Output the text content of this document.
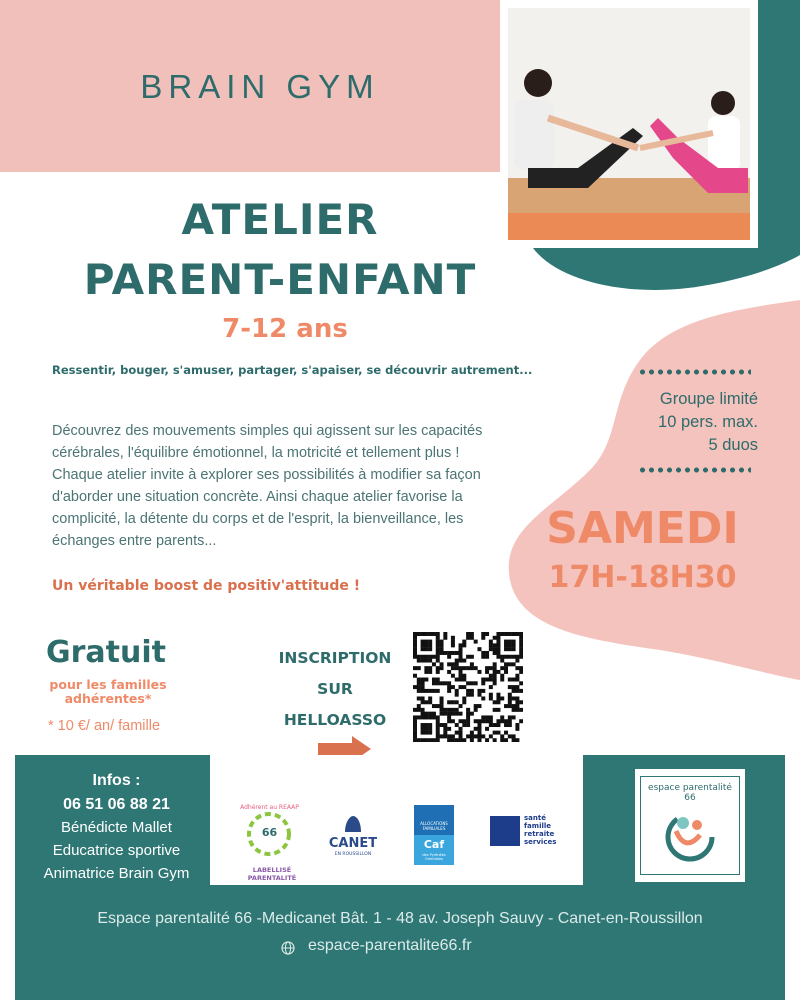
BRAIN GYM
ATELIER
PARENT-ENFANT
7-12 ans
Ressentir, bouger, s'amuser, partager, s'apaiser, se découvrir autrement...
Découvrez des mouvements simples qui agissent sur les capacités
cérébrales, l'équilibre émotionnel, la motricité et tellement plus !
Chaque atelier invite à explorer ses possibilités à modifier sa façon
d'aborder une situation concrète. Ainsi chaque atelier favorise la
complicité, la détente du corps et de l'esprit, la bienveillance, les
échanges entre parents...
Un véritable boost de positiv'attitude !
Groupe limité
10 pers. max.
5 duos
SAMEDI
17H-18H30
Gratuit
pour les familles
adhérentes*
* 10 €/ an/ famille
INSCRIPTION
SUR
HELLOASSO
Infos :
06 51 06 88 21
Bénédicte Mallet
Educatrice sportive
Animatrice Brain Gym
Adhérent au REAAP
66
LABELLISÉ PARENTALITÉ
CANET
EN ROUSSILLON
ALLOCATIONS FAMILIALES
Caf
des Pyrénées Orientales
santé
famille
retraite
services
espace parentalité 66
Espace parentalité 66 -Medicanet Bât. 1 - 48 av. Joseph Sauvy - Canet-en-Roussillon
espace-parentalite66.fr
